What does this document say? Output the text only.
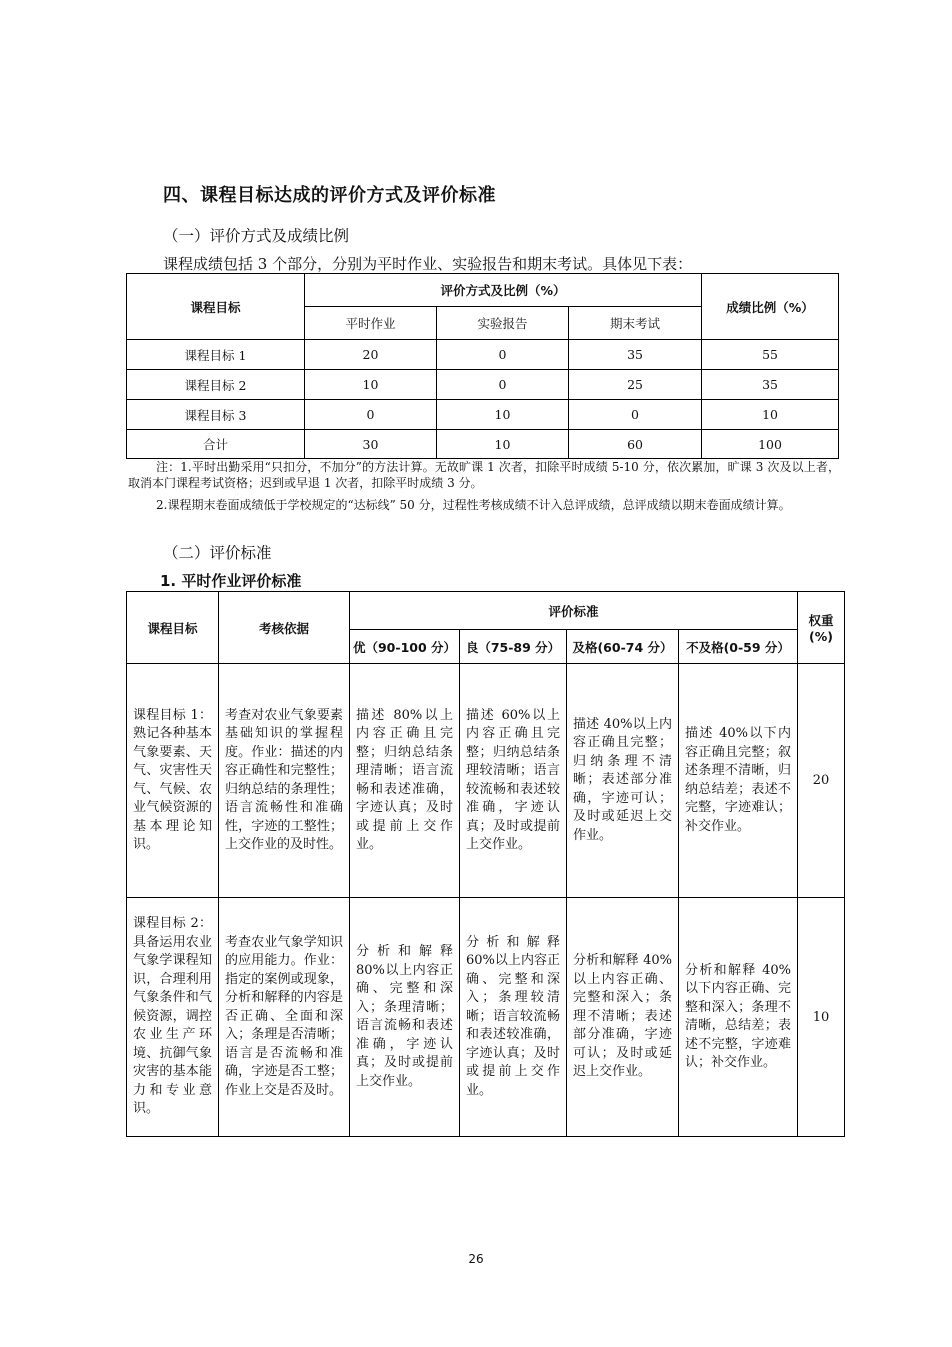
四、课程目标达成的评价方式及评价标准
（一）评价方式及成绩比例
课程成绩包括 3 个部分，分别为平时作业、实验报告和期末考试。具体见下表：
课程目标	评价方式及比例（%）			成绩比例（%）
	平时作业	实验报告	期末考试	
课程目标 1	20	0	35	55
课程目标 2	10	0	25	35
课程目标 3	0	10	0	10
合计	30	10	60	100
注：1.平时出勤采用“只扣分，不加分”的方法计算。无故旷课 1 次者，扣除平时成绩 5-10 分，依次累加，旷课 3 次及以上者，取消本门课程考试资格；迟到或早退 1 次者，扣除平时成绩 3 分。
2.课程期末卷面成绩低于学校规定的“达标线” 50 分，过程性考核成绩不计入总评成绩，总评成绩以期末卷面成绩计算。
（二）评价标准
1. 平时作业评价标准
课程目标	考核依据	评价标准				权重(%)
		优（90-100 分）	良（75-89 分）	及格(60-74 分）	不及格(0-59 分）	
课程目标 1：熟记各种基本气象要素、天气、灾害性天气、气候、农业气候资源的基本理论知识。	考查对农业气象要素基础知识的掌握程度。作业：描述的内容正确性和完整性；归纳总结的条理性；语言流畅性和准确性，字迹的工整性；上交作业的及时性。	描述 80%以上内容正确且完整；归纳总结条理清晰；语言流畅和表述准确，字迹认真；及时或提前上交作业。	描述 60%以上内容正确且完整；归纳总结条理较清晰；语言较流畅和表述较准确，字迹认真；及时或提前上交作业。	描述 40%以上内容正确且完整；归纳条理不清晰；表述部分准确，字迹可认；及时或延迟上交作业。	描述 40%以下内容正确且完整；叙述条理不清晰，归纳总结差；表述不完整，字迹难认；补交作业。	20
课程目标 2：具备运用农业气象学课程知识，合理利用气象条件和气候资源，调控农业生产环境、抗御气象灾害的基本能力和专业意识。	考查农业气象学知识的应用能力。作业：指定的案例或现象，分析和解释的内容是否正确、全面和深入；条理是否清晰；语言是否流畅和准确，字迹是否工整；作业上交是否及时。	分析和解释 80%以上内容正确、完整和深入；条理清晰；语言流畅和表述准确，字迹认真；及时或提前上交作业。	分析和解释 60%以上内容正确、完整和深入；条理较清晰；语言较流畅和表述较准确，字迹认真；及时或提前上交作业。	分析和解释 40%以上内容正确、完整和深入；条理不清晰；表述部分准确，字迹可认；及时或延迟上交作业。	分析和解释 40%以下内容正确、完整和深入；条理不清晰，总结差；表述不完整，字迹难认；补交作业。	10
26
